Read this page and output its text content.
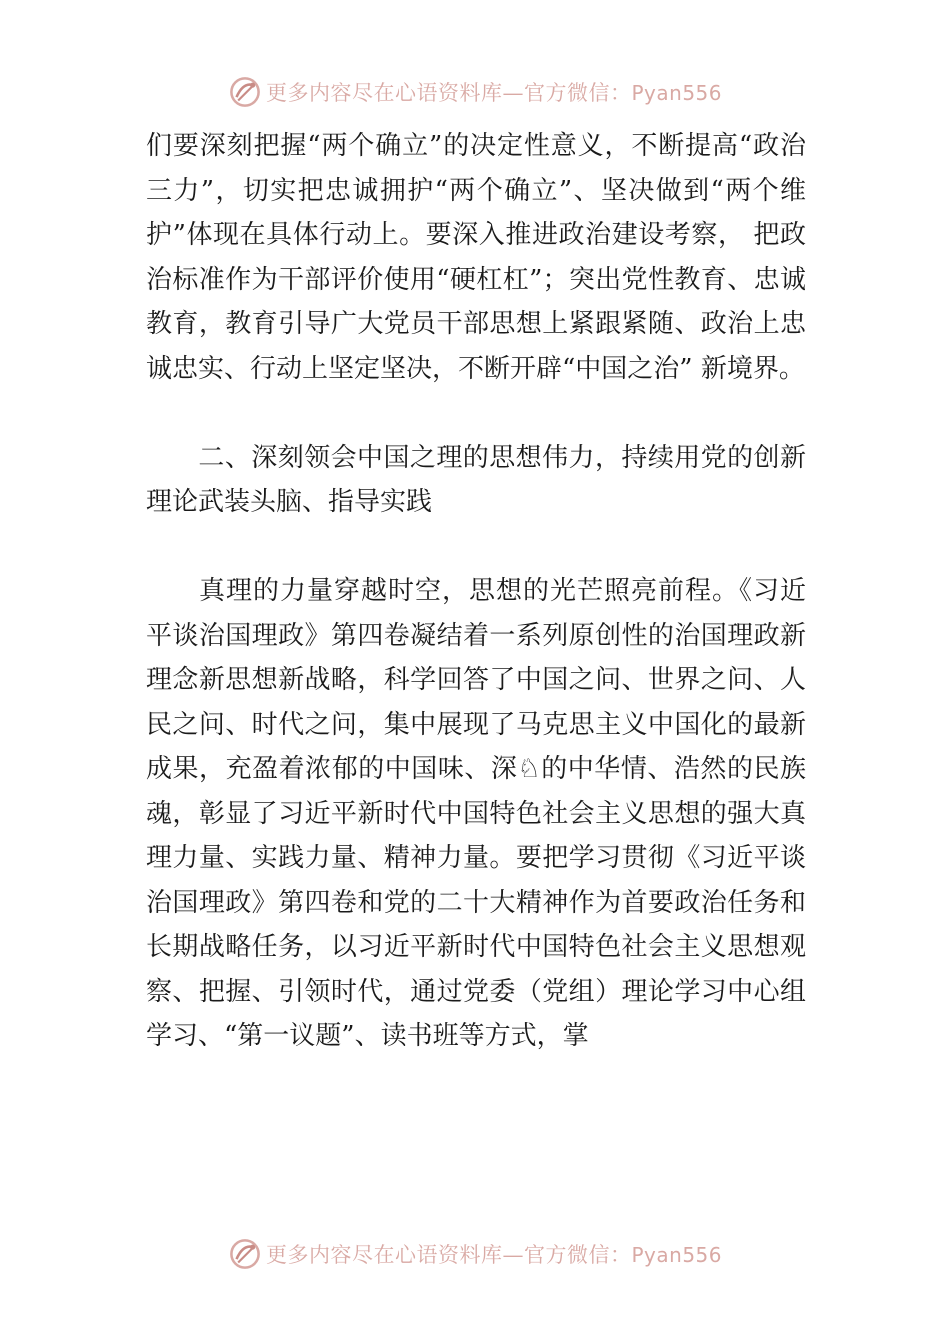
更多内容尽在心语资料库—官方微信：Pyan556

们要深刻把握“两个确立”的决定性意义，不断提高“政治三力”，切实把忠诚拥护“两个确立”、坚决做到“两个维护”体现在具体行动上。要深入推进政治建设考察， 把政治标准作为干部评价使用“硬杠杠”；突出党性教育、忠诚教育，教育引导广大党员干部思想上紧跟紧随、政治上忠诚忠实、行动上坚定坚决，不断开辟“中国之治” 新境界。

二、深刻领会中国之理的思想伟力，持续用党的创新理论武装头脑、指导实践

真理的力量穿越时空，思想的光芒照亮前程。《习近平谈治国理政》第四卷凝结着一系列原创性的治国理政新理念新思想新战略，科学回答了中国之问、世界之问、人民之问、时代之问，集中展现了马克思主义中国化的最新成果，充盈着浓郁的中国味、深♘的中华情、浩然的民族魂，彰显了习近平新时代中国特色社会主义思想的强大真理力量、实践力量、精神力量。要把学习贯彻《习近平谈治国理政》第四卷和党的二十大精神作为首要政治任务和长期战略任务，以习近平新时代中国特色社会主义思想观察、把握、引领时代，通过党委（党组）理论学习中心组学习、“第一议题”、读书班等方式，掌

更多内容尽在心语资料库—官方微信：Pyan556
